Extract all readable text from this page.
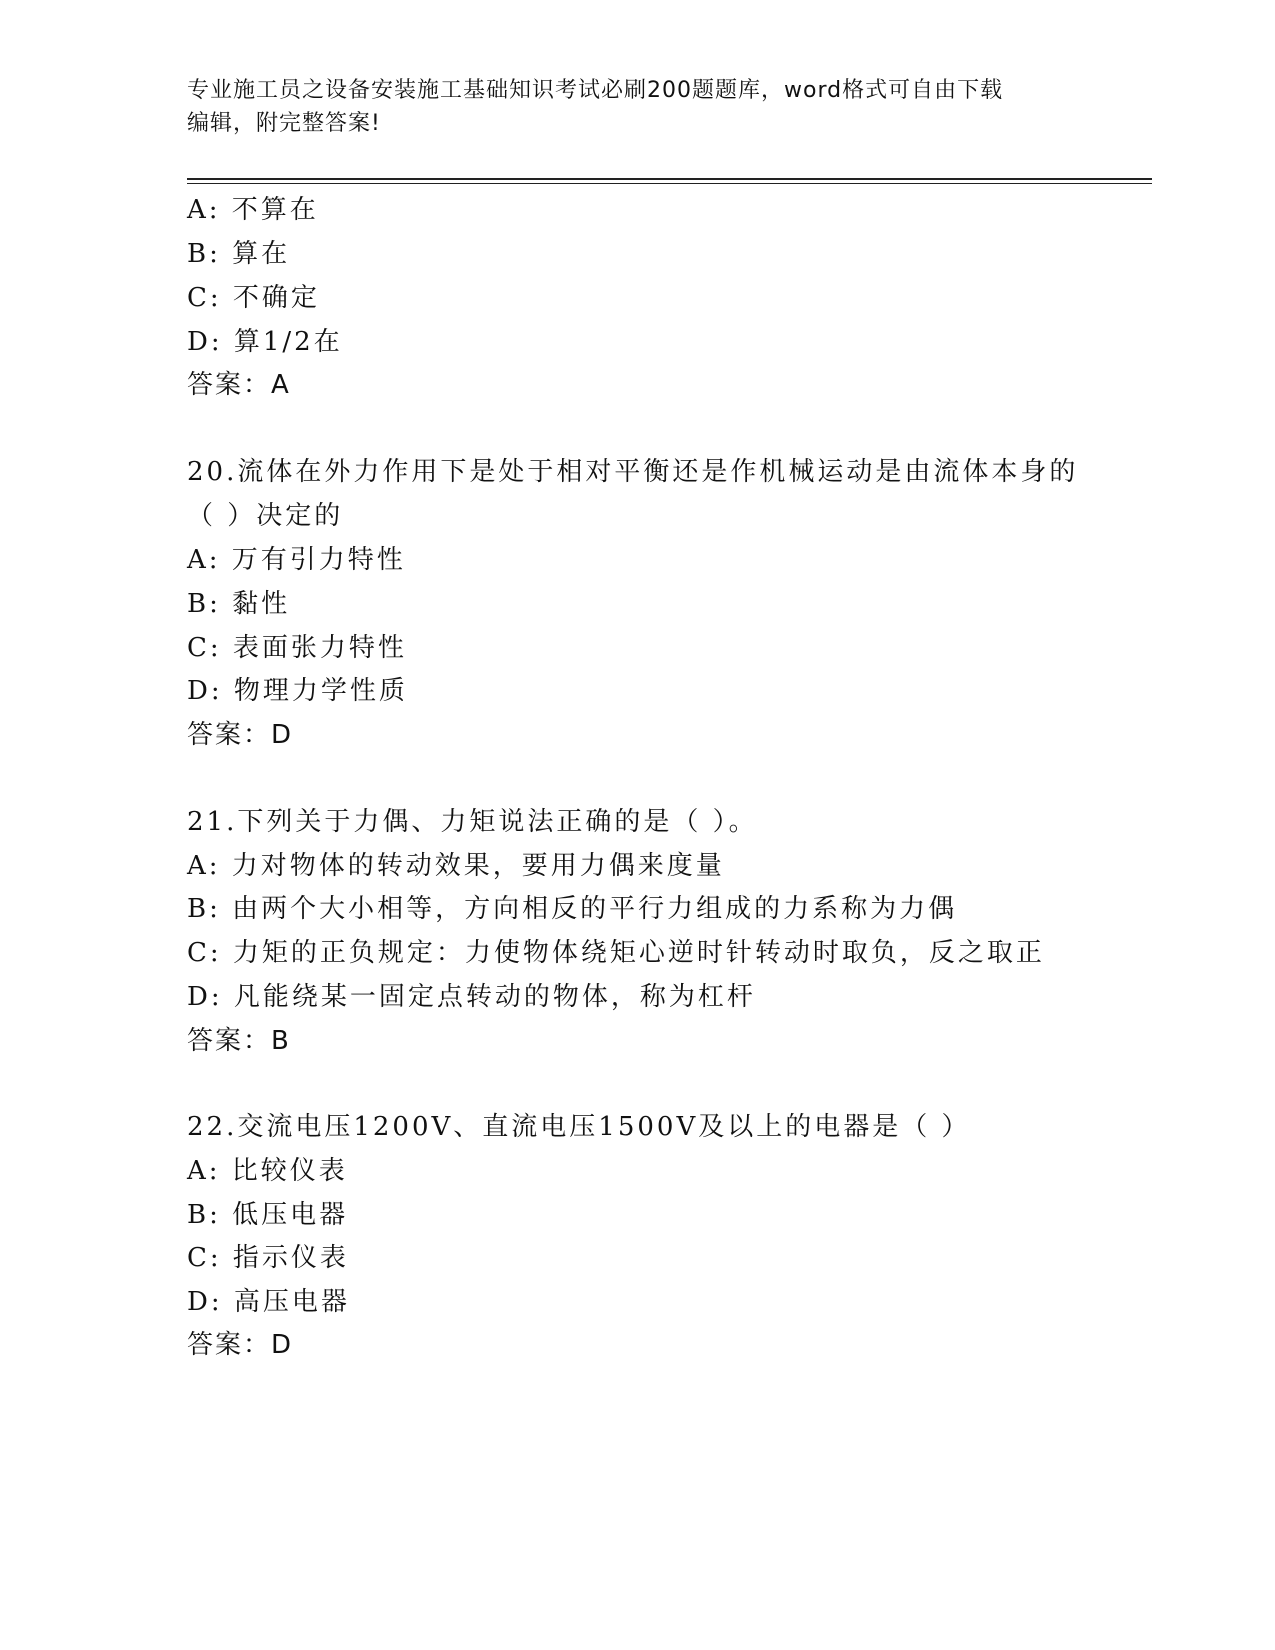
专业施工员之设备安装施工基础知识考试必刷200题题库，word格式可自由下载
编辑，附完整答案!
A: 不算在
B: 算在
C: 不确定
D: 算1/2在
答案：A
20.流体在外力作用下是处于相对平衡还是作机械运动是由流体本身的
（ ）决定的
A: 万有引力特性
B: 黏性
C: 表面张力特性
D: 物理力学性质
答案：D
21.下列关于力偶、力矩说法正确的是（ ）。
A: 力对物体的转动效果，要用力偶来度量
B: 由两个大小相等，方向相反的平行力组成的力系称为力偶
C: 力矩的正负规定：力使物体绕矩心逆时针转动时取负，反之取正
D: 凡能绕某一固定点转动的物体，称为杠杆
答案：B
22.交流电压1200V、直流电压1500V及以上的电器是（ ）
A: 比较仪表
B: 低压电器
C: 指示仪表
D: 高压电器
答案：D
